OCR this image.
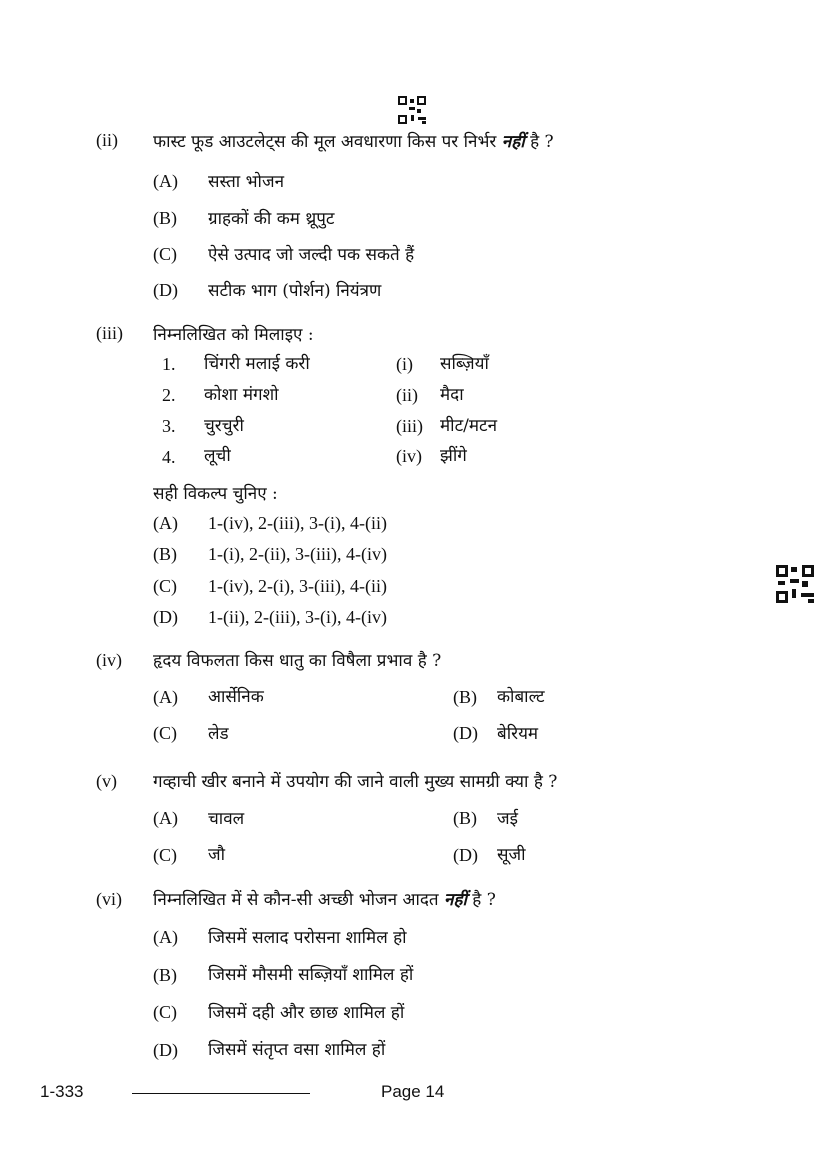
(ii) फास्ट फूड आउटलेट्स की मूल अवधारणा किस पर निर्भर नहीं है ?
(A) सस्ता भोजन
(B) ग्राहकों की कम थ्रूपुट
(C) ऐसे उत्पाद जो जल्दी पक सकते हैं
(D) सटीक भाग (पोर्शन) नियंत्रण
(iii) निम्नलिखित को मिलाइए :
1. चिंगरी मलाई करी	(i) सब्ज़ियाँ
2. कोशा मंगशो	(ii) मैदा
3. चुरचुरी	(iii) मीट/मटन
4. लूची	(iv) झींगे
सही विकल्प चुनिए :
(A) 1-(iv), 2-(iii), 3-(i), 4-(ii)
(B) 1-(i), 2-(ii), 3-(iii), 4-(iv)
(C) 1-(iv), 2-(i), 3-(iii), 4-(ii)
(D) 1-(ii), 2-(iii), 3-(i), 4-(iv)
(iv) हृदय विफलता किस धातु का विषैला प्रभाव है ?
(A) आर्सेनिक	(B) कोबाल्ट
(C) लेड	(D) बेरियम
(v) गव्हाची खीर बनाने में उपयोग की जाने वाली मुख्य सामग्री क्या है ?
(A) चावल	(B) जई
(C) जौ	(D) सूजी
(vi) निम्नलिखित में से कौन-सी अच्छी भोजन आदत नहीं है ?
(A) जिसमें सलाद परोसना शामिल हो
(B) जिसमें मौसमी सब्ज़ियाँ शामिल हों
(C) जिसमें दही और छाछ शामिल हों
(D) जिसमें संतृप्त वसा शामिल हों
1-333	Page 14
